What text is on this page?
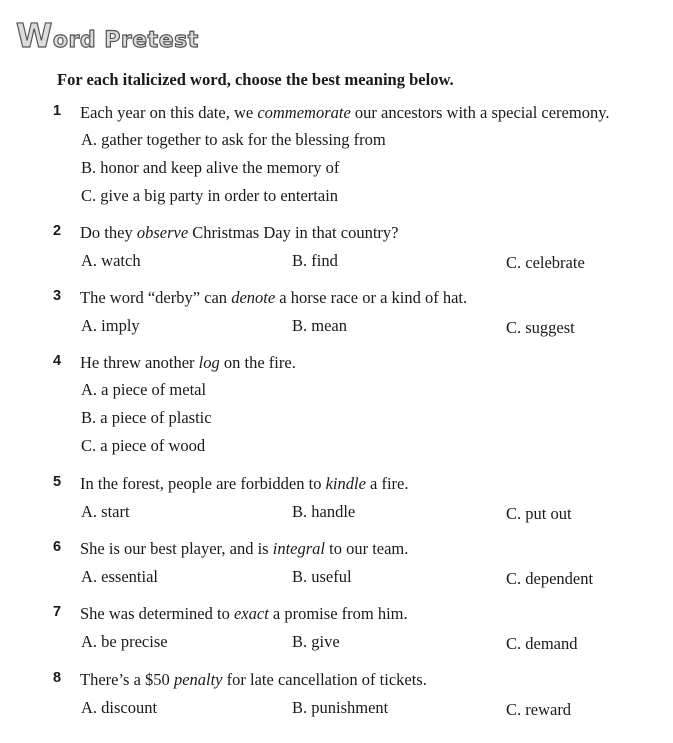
Word Pretest
For each italicized word, choose the best meaning below.
1	Each year on this date, we commemorate our ancestors with a special ceremony.
A. gather together to ask for the blessing from
B. honor and keep alive the memory of
C. give a big party in order to entertain
2	Do they observe Christmas Day in that country?
A. watch	B. find	C. celebrate
3	The word “derby” can denote a horse race or a kind of hat.
A. imply	B. mean	C. suggest
4	He threw another log on the fire.
A. a piece of metal
B. a piece of plastic
C. a piece of wood
5	In the forest, people are forbidden to kindle a fire.
A. start	B. handle	C. put out
6	She is our best player, and is integral to our team.
A. essential	B. useful	C. dependent
7	She was determined to exact a promise from him.
A. be precise	B. give	C. demand
8	There’s a $50 penalty for late cancellation of tickets.
A. discount	B. punishment	C. reward
